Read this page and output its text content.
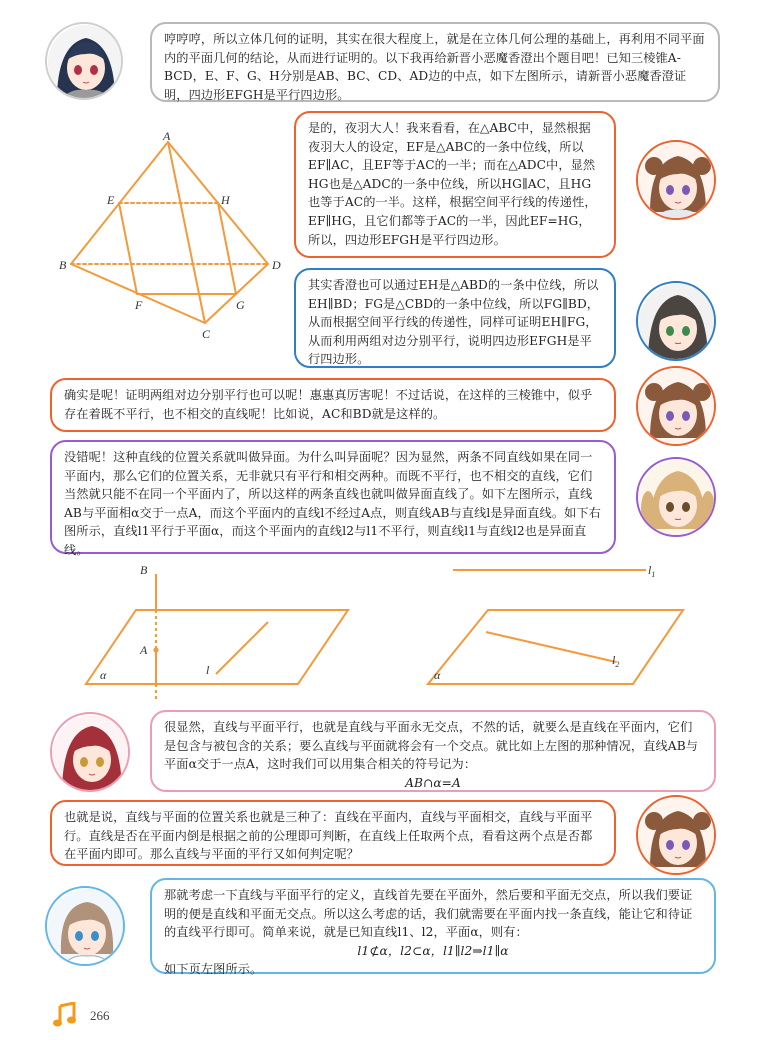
哼哼哼，所以立体几何的证明，其实在很大程度上，就是在立体几何公理的基础上，再利用不同平面内的平面几何的结论，从而进行证明的。以下我再给新晋小恶魔香澄出个题目吧！已知三棱锥A-BCD，E、F、G、H分别是AB、BC、CD、AD边的中点，如下左图所示，请新晋小恶魔香澄证明，四边形EFGH是平行四边形。

A
B
C
D
E
F	G
H

是的，夜羽大人！我来看看，在△ABC中，显然根据夜羽大人的设定，EF是△ABC的一条中位线，所以EF∥AC，且EF等于AC的一半；而在△ADC中，显然HG也是△ADC的一条中位线，所以HG∥AC，且HG也等于AC的一半。这样，根据空间平行线的传递性，EF∥HG，且它们都等于AC的一半，因此EF=HG，所以，四边形EFGH是平行四边形。

其实香澄也可以通过EH是△ABD的一条中位线，所以EH∥BD；FG是△CBD的一条中位线，所以FG∥BD，从而根据空间平行线的传递性，同样可证明EH∥FG，从而利用两组对边分别平行，说明四边形EFGH是平行四边形。

确实是呢！证明两组对边分别平行也可以呢！惠惠真厉害呢！不过话说，在这样的三棱锥中，似乎存在着既不平行，也不相交的直线呢！比如说，AC和BD就是这样的。

没错呢！这种直线的位置关系就叫做异面。为什么叫异面呢？因为显然，两条不同直线如果在同一平面内，那么它们的位置关系，无非就只有平行和相交两种。而既不平行，也不相交的直线，它们当然就只能不在同一个平面内了，所以这样的两条直线也就叫做异面直线了。如下左图所示，直线AB与平面相α交于一点A，而这个平面内的直线l不经过A点，则直线AB与直线l是异面直线。如下右图所示，直线l1平行于平面α，而这个平面内的直线l2与l1不平行，则直线l1与直线l2也是异面直线。

B
A
l
α
$l_1$
$l_2$
α

很显然，直线与平面平行，也就是直线与平面永无交点，不然的话，就要么是直线在平面内，它们是包含与被包含的关系；要么直线与平面就将会有一个交点。就比如上左图的那种情况，直线AB与平面α交于一点A，这时我们可以用集合相关的符号记为：

AB∩α=A

也就是说，直线与平面的位置关系也就是三种了：直线在平面内，直线与平面相交，直线与平面平行。直线是否在平面内倒是根据之前的公理即可判断，在直线上任取两个点，看看这两个点是否都在平面内即可。那么直线与平面的平行又如何判定呢？

那就考虑一下直线与平面平行的定义，直线首先要在平面外，然后要和平面无交点，所以我们要证明的便是直线和平面无交点。所以这么考虑的话，我们就需要在平面内找一条直线，能让它和待证的直线平行即可。简单来说，就是已知直线l1、l2，平面α，则有：

l1⊄α，l2⊂α，l1∥l2⇒l1∥α

如下页左图所示。

266
